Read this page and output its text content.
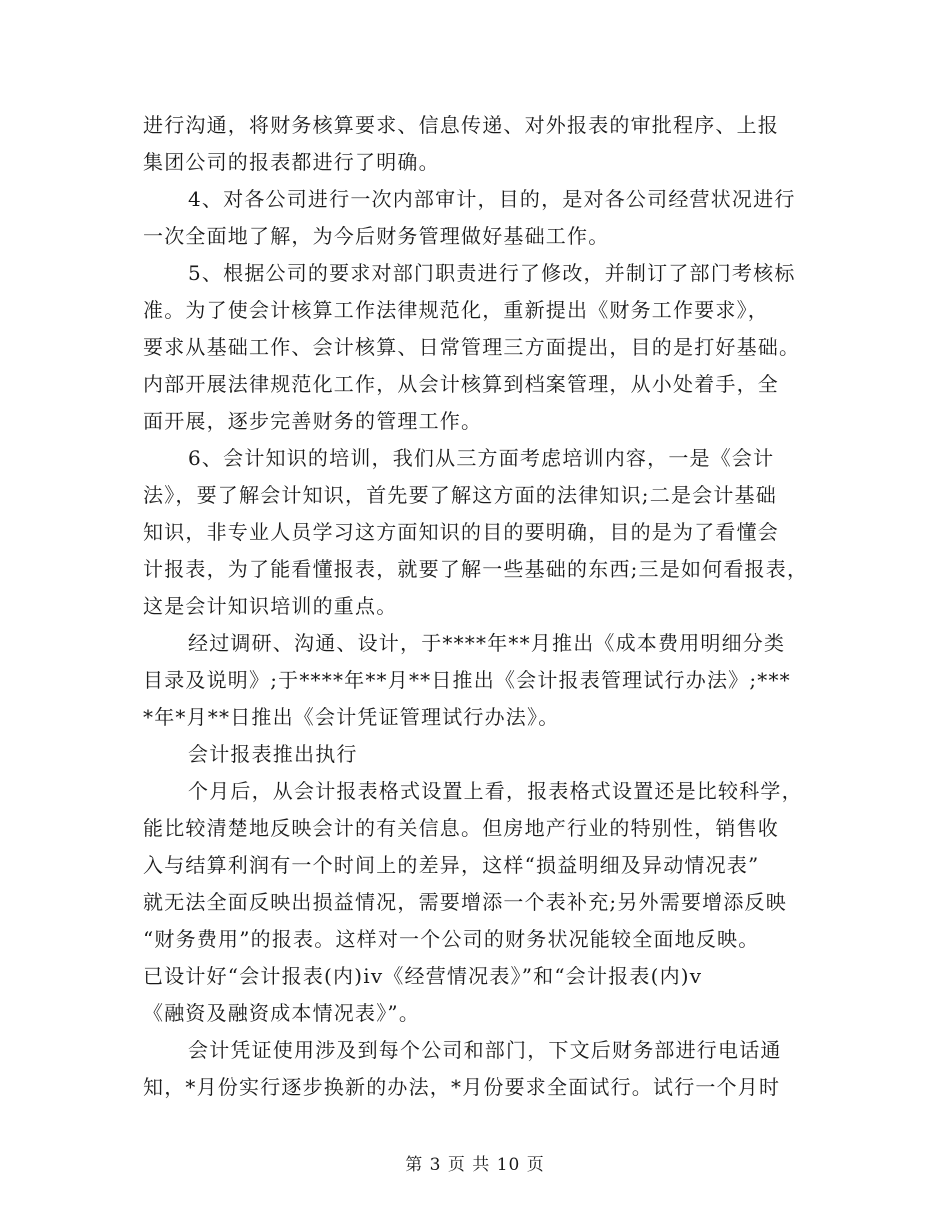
进行沟通，将财务核算要求、信息传递、对外报表的审批程序、上报
集团公司的报表都进行了明确。
4、对各公司进行一次内部审计，目的，是对各公司经营状况进行
一次全面地了解，为今后财务管理做好基础工作。
5、根据公司的要求对部门职责进行了修改，并制订了部门考核标
准。为了使会计核算工作法律规范化，重新提出《财务工作要求》，
要求从基础工作、会计核算、日常管理三方面提出，目的是打好基础。
内部开展法律规范化工作，从会计核算到档案管理，从小处着手，全
面开展，逐步完善财务的管理工作。
6、会计知识的培训，我们从三方面考虑培训内容，一是《会计
法》，要了解会计知识，首先要了解这方面的法律知识;二是会计基础
知识，非专业人员学习这方面知识的目的要明确，目的是为了看懂会
计报表，为了能看懂报表，就要了解一些基础的东西;三是如何看报表，
这是会计知识培训的重点。
经过调研、沟通、设计，于****年**月推出《成本费用明细分类
目录及说明》;于****年**月**日推出《会计报表管理试行办法》;***
*年*月**日推出《会计凭证管理试行办法》。
会计报表推出执行
个月后，从会计报表格式设置上看，报表格式设置还是比较科学，
能比较清楚地反映会计的有关信息。但房地产行业的特别性，销售收
入与结算利润有一个时间上的差异，这样“损益明细及异动情况表”
就无法全面反映出损益情况，需要增添一个表补充;另外需要增添反映
“财务费用”的报表。这样对一个公司的财务状况能较全面地反映。
已设计好“会计报表(内)iv《经营情况表》”和“会计报表(内)v
《融资及融资成本情况表》”。
会计凭证使用涉及到每个公司和部门，下文后财务部进行电话通
知，*月份实行逐步换新的办法，*月份要求全面试行。试行一个月时
第 3 页 共 10 页
